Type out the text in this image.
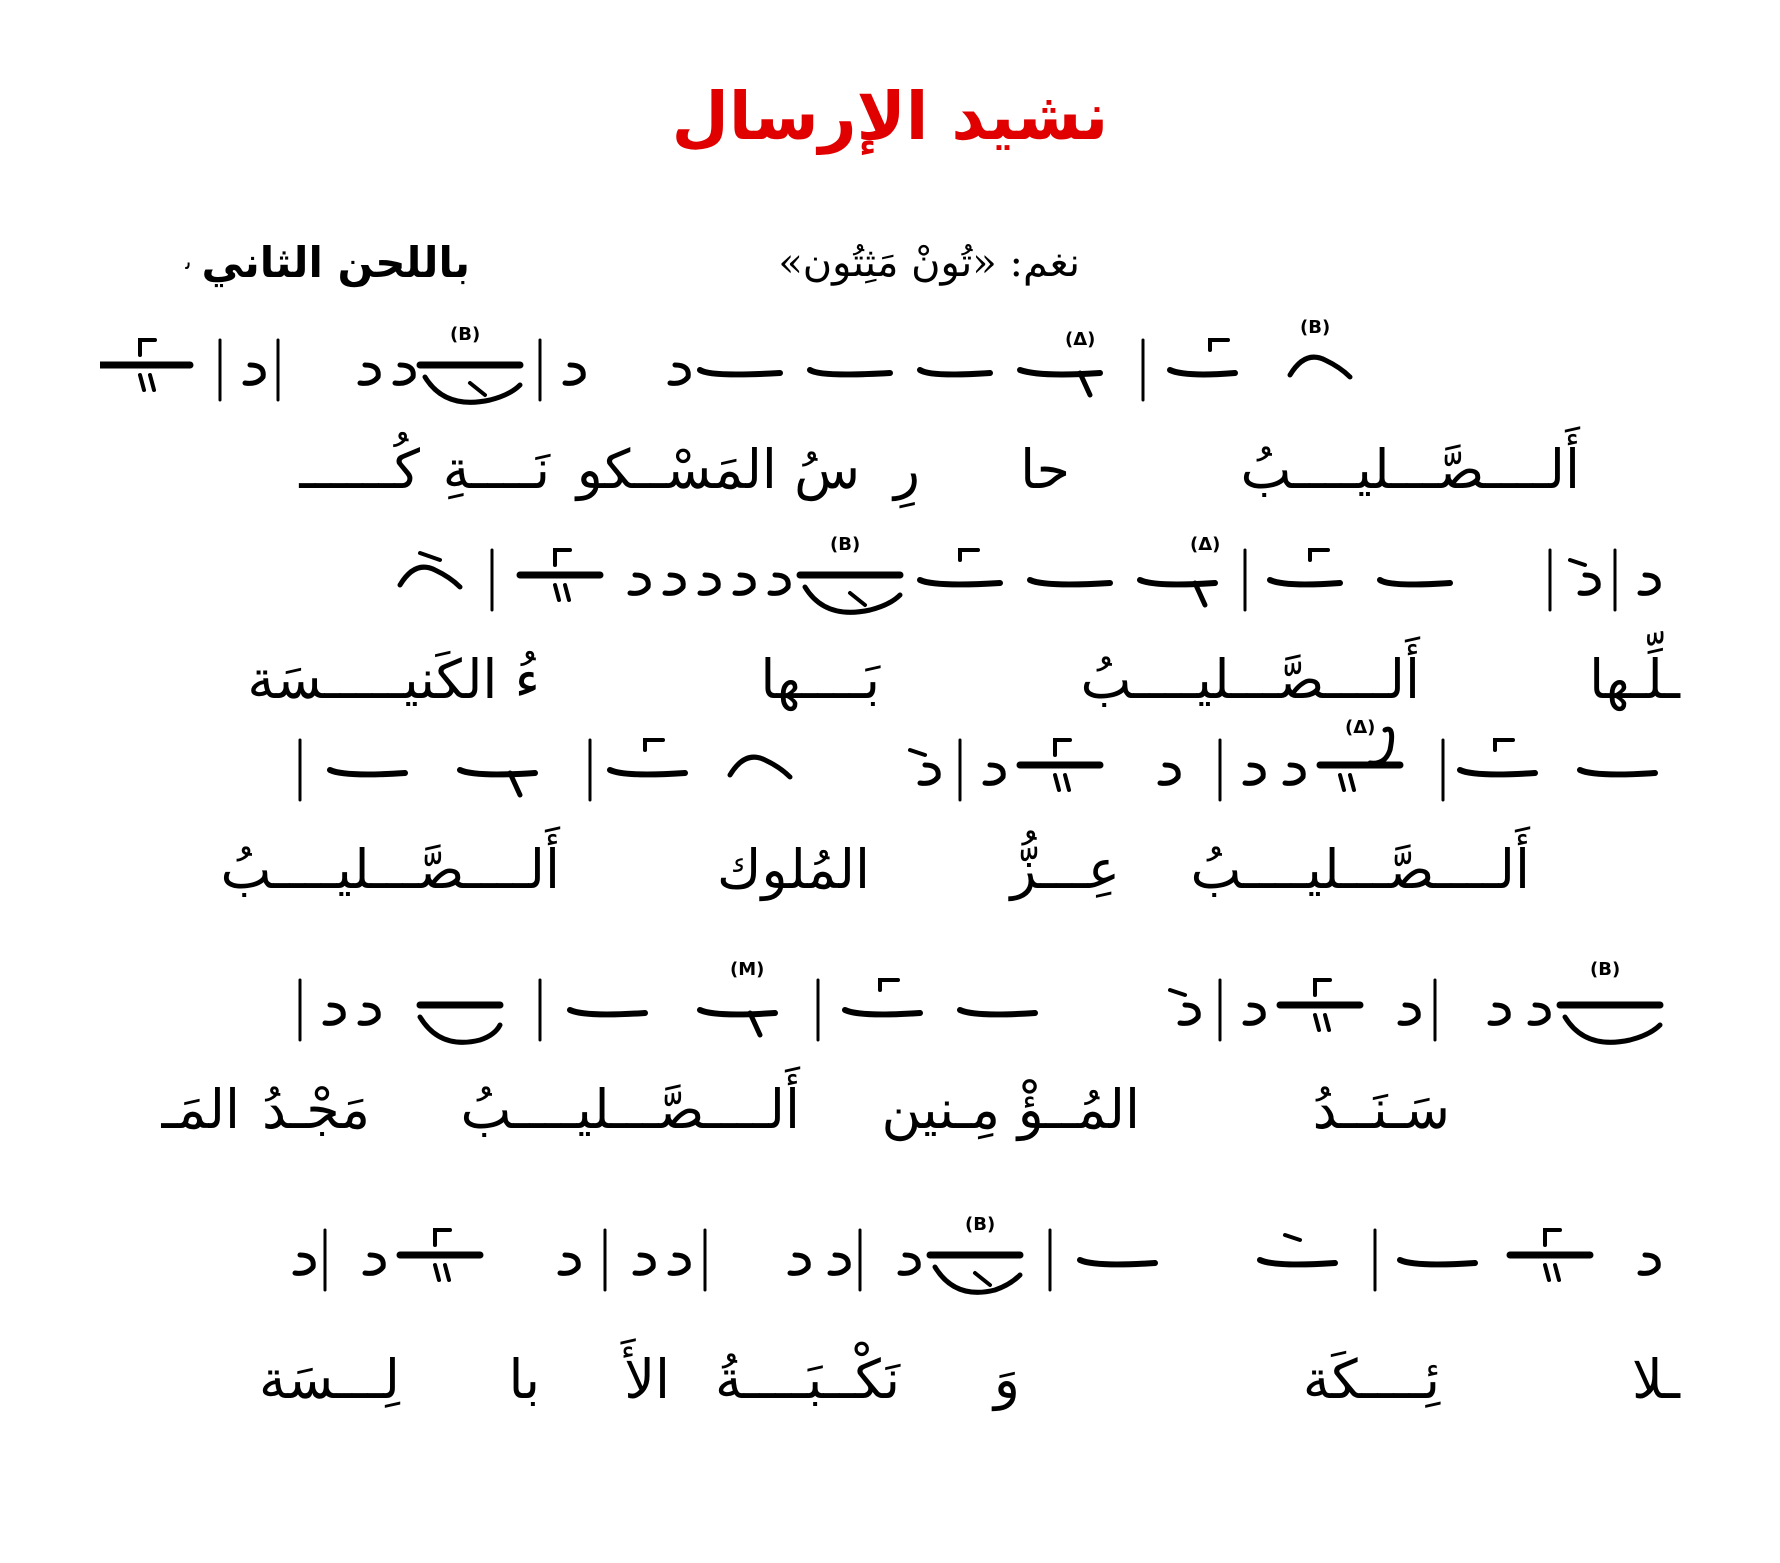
نشيد الإرسال
نغم: «تُونْ مَثِتُون»
باللحن الثانيﯨ
(B)
(Δ)
(B)
أَلــــصَّـــليــــبُ
حا
رِ
سُ المَسْــكو
نَــــةِ
كُــــــ
(Δ)
(B)
ـلِّـها
أَلــــصَّـــليــــبُ
بَــــها
ءُ الكَنيـــــسَة
(Δ)
أَلــــصَّـــليــــبُ
عِـــزُّ
المُلوك
أَلــــصَّـــليــــبُ
(B)
(M)
سَـنَــدُ
المُــؤْ
مِـنين
أَلــــصَّـــليــــبُ
مَجْـدُ
المَـ
(B)
ـلا
ئِــــكَة
وَ
نَكْــبَــــةُ
الأَ
با
لِـــسَة
